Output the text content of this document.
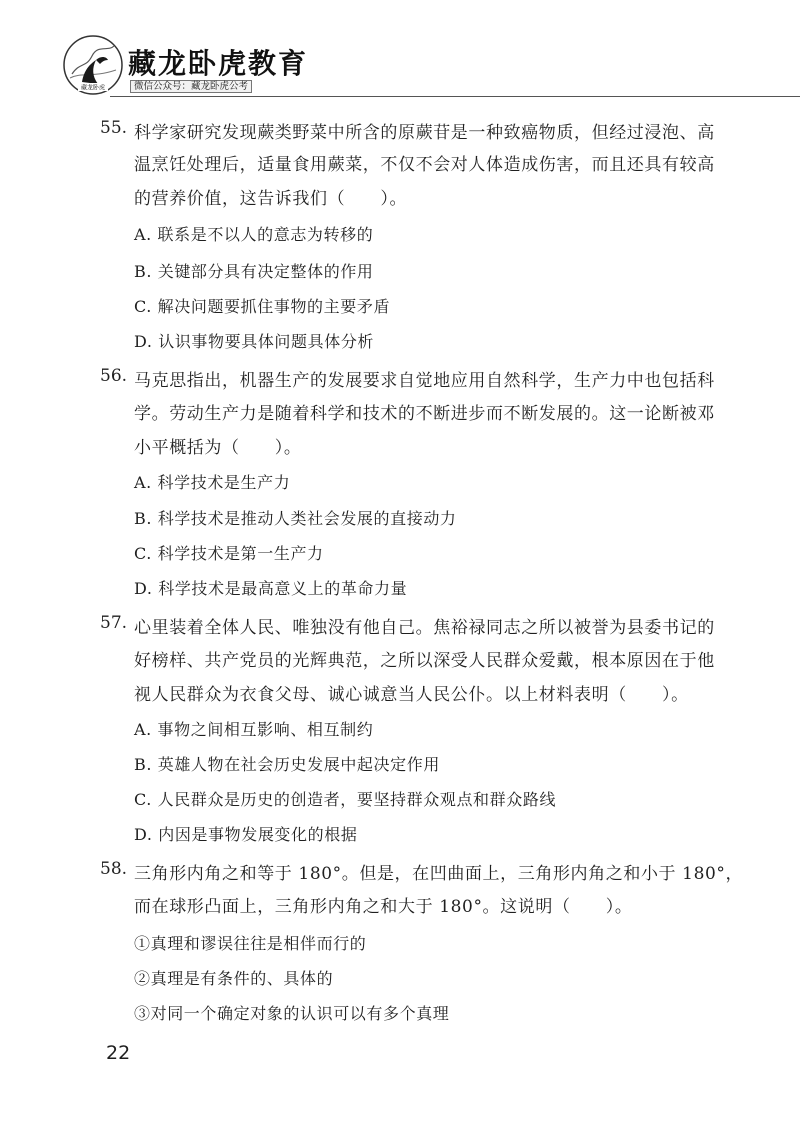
藏龙卧虎
藏龙卧虎教育
微信公众号：藏龙卧虎公考
55. 科学家研究发现蕨类野菜中所含的原蕨苷是一种致癌物质，但经过浸泡、高
温烹饪处理后，适量食用蕨菜，不仅不会对人体造成伤害，而且还具有较高
的营养价值，这告诉我们（　　）。
A. 联系是不以人的意志为转移的
B. 关键部分具有决定整体的作用
C. 解决问题要抓住事物的主要矛盾
D. 认识事物要具体问题具体分析
56. 马克思指出，机器生产的发展要求自觉地应用自然科学，生产力中也包括科
学。劳动生产力是随着科学和技术的不断进步而不断发展的。这一论断被邓
小平概括为（　　）。
A. 科学技术是生产力
B. 科学技术是推动人类社会发展的直接动力
C. 科学技术是第一生产力
D. 科学技术是最高意义上的革命力量
57. 心里装着全体人民、唯独没有他自己。焦裕禄同志之所以被誉为县委书记的
好榜样、共产党员的光辉典范，之所以深受人民群众爱戴，根本原因在于他
视人民群众为衣食父母、诚心诚意当人民公仆。以上材料表明（　　）。
A. 事物之间相互影响、相互制约
B. 英雄人物在社会历史发展中起决定作用
C. 人民群众是历史的创造者，要坚持群众观点和群众路线
D. 内因是事物发展变化的根据
58. 三角形内角之和等于 180°。但是，在凹曲面上，三角形内角之和小于 180°，
而在球形凸面上，三角形内角之和大于 180°。这说明（　　）。
①真理和谬误往往是相伴而行的
②真理是有条件的、具体的
③对同一个确定对象的认识可以有多个真理
22
